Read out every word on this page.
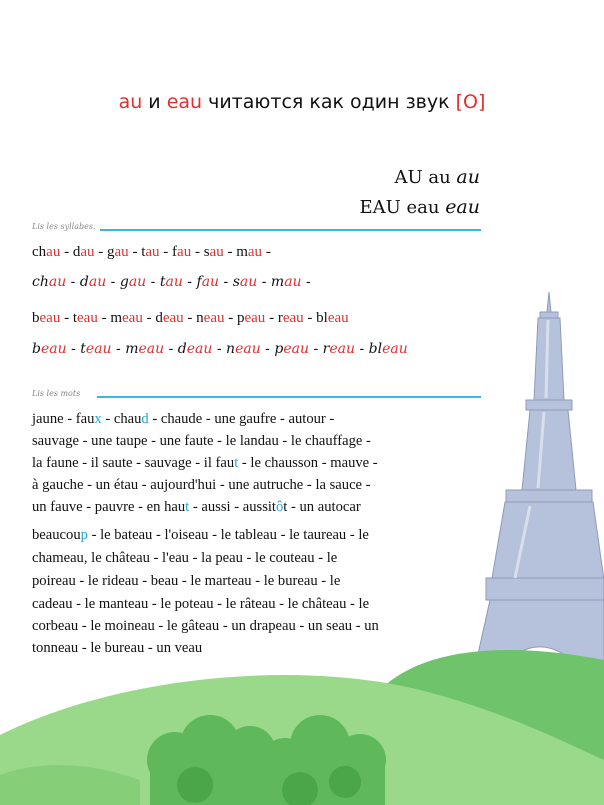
au и eau читаются как один звук [O]
AU au au
EAU eau eau
Lis les syllabes.
chau - dau - gau - tau - fau - sau - mau -
chau - dau - gau - tau - fau - sau - mau -
beau - teau - meau - deau - neau - peau - reau - bleau
beau - teau - meau - deau - neau - peau - reau - bleau
Lis les mots
jaune - faux - chaud - chaude - une gaufre - autour -
sauvage - une taupe - une faute - le landau - le chauffage -
la faune - il saute - sauvage - il faut - le chausson - mauve -
à gauche - un étau - aujourd'hui - une autruche - la sauce -
un fauve - pauvre - en haut - aussi - aussitôt - un autocar
beaucoup - le bateau - l'oiseau - le tableau - le taureau - le
chameau, le château - l'eau - la peau - le couteau - le
poireau - le rideau - beau - le marteau - le bureau - le
cadeau - le manteau - le poteau - le râteau - le château - le
corbeau - le moineau - le gâteau - un drapeau - un seau - un
tonneau - le bureau - un veau
